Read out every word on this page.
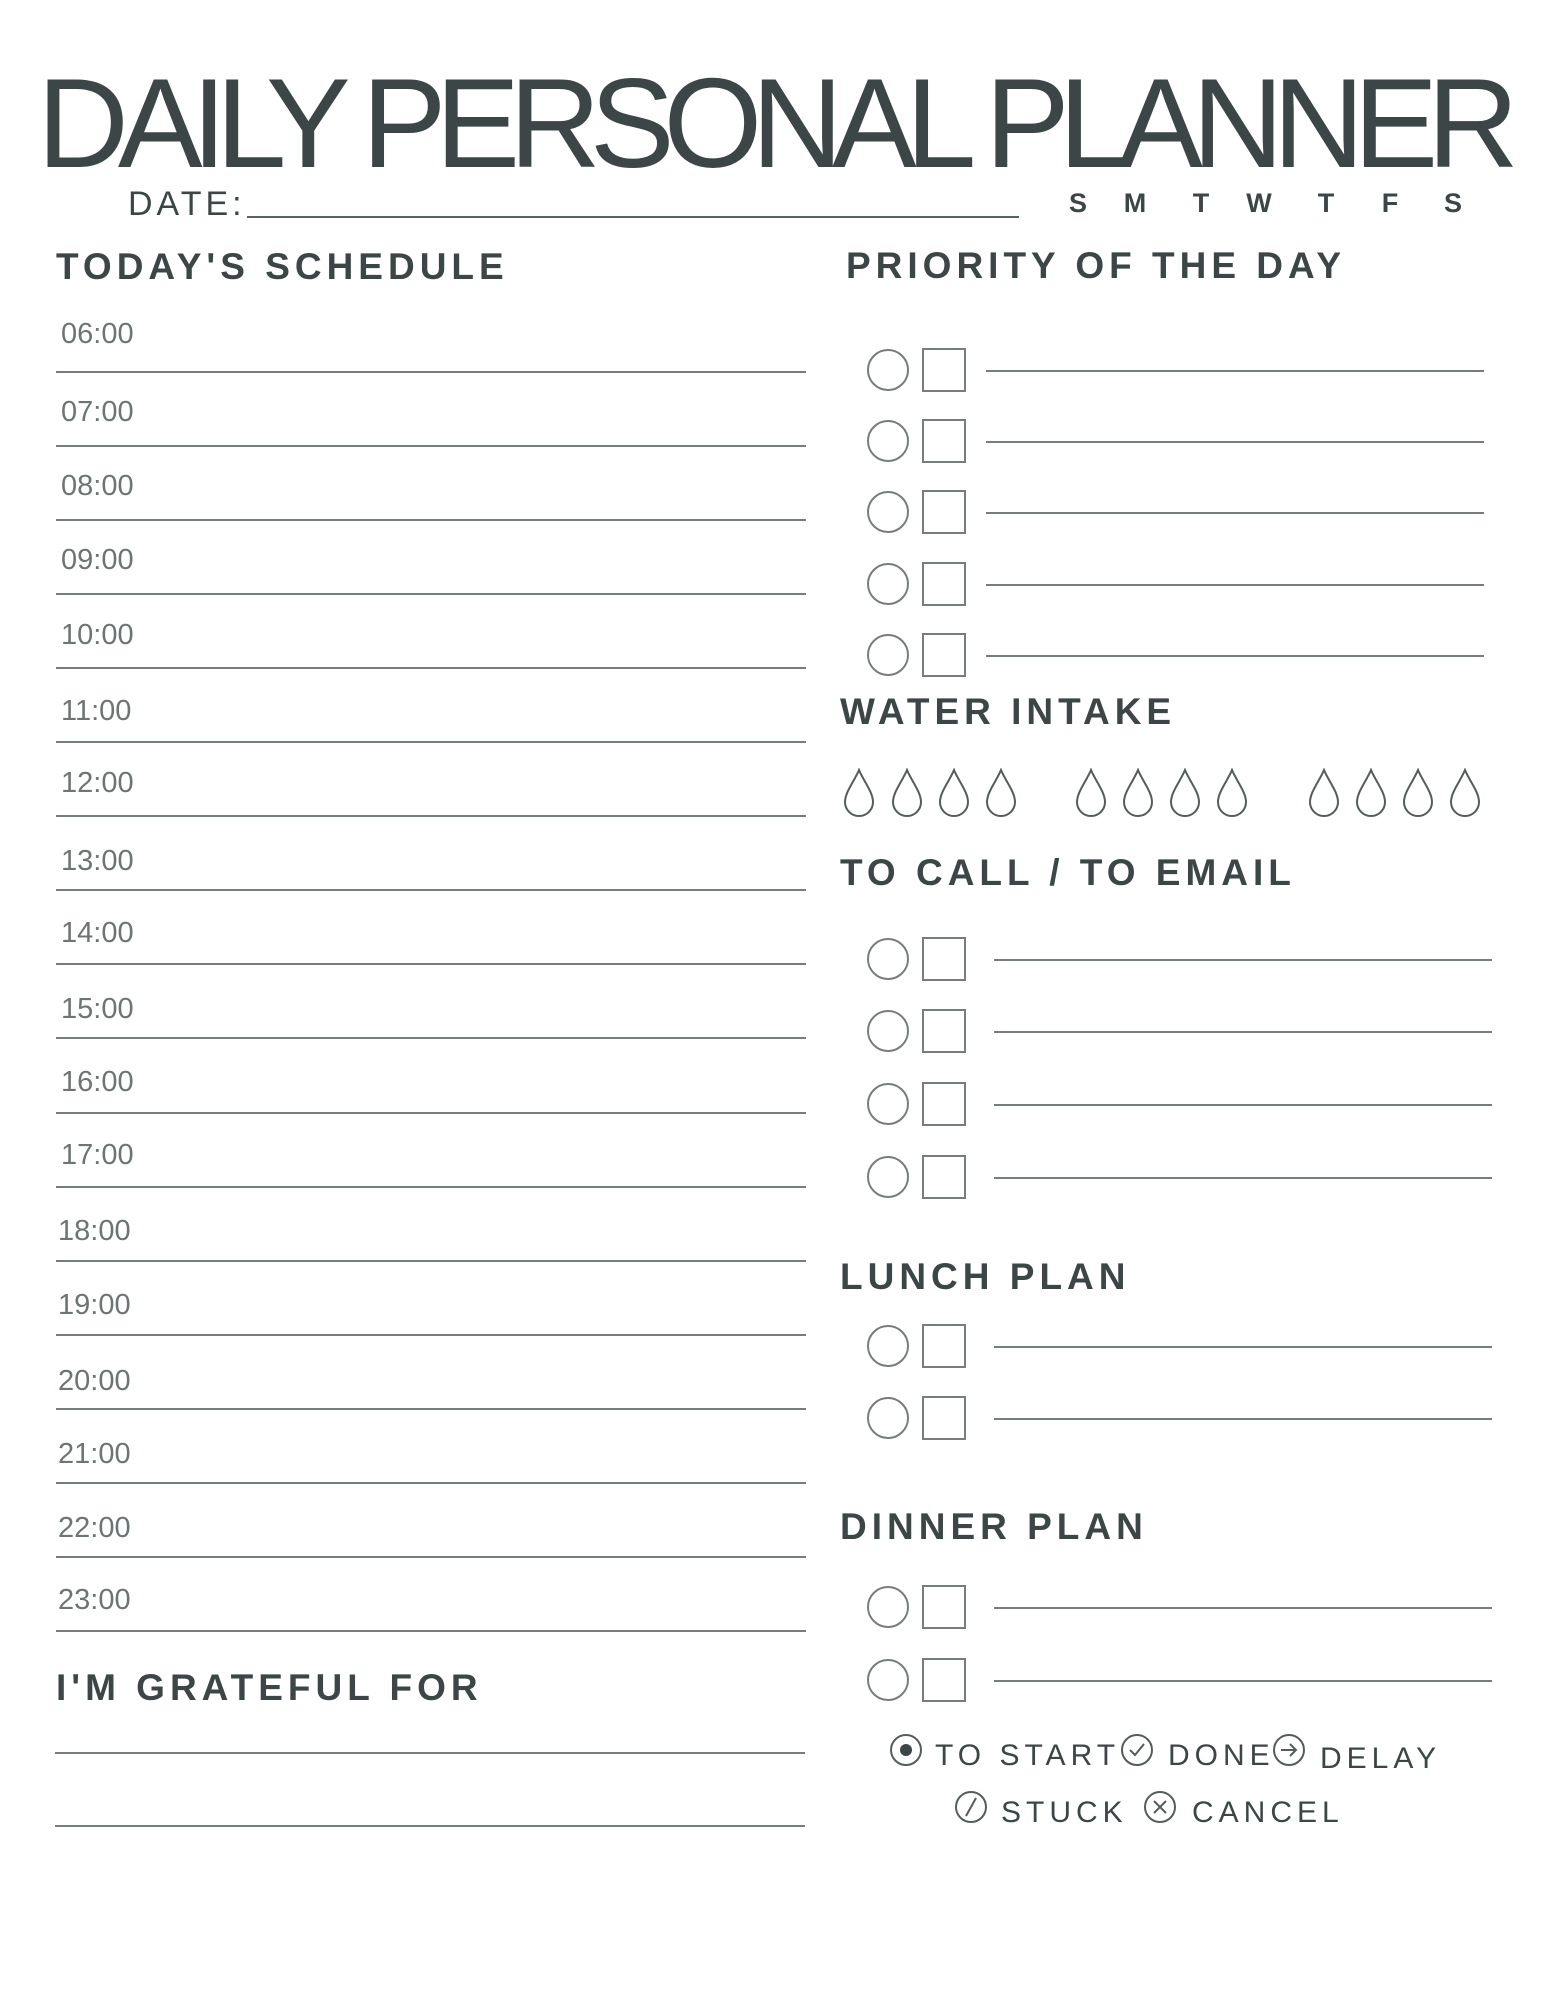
DAILY PERSONAL PLANNER
DATE:	S M T W T F S
TODAY'S SCHEDULE
06:00
07:00
08:00
09:00
10:00
11:00
12:00
13:00
14:00
15:00
16:00
17:00
18:00
19:00
20:00
21:00
22:00
23:00
I'M GRATEFUL FOR
PRIORITY OF THE DAY
WATER INTAKE
TO CALL / TO EMAIL
LUNCH PLAN
DINNER PLAN
TO START DONE DELAY
STUCK CANCEL
